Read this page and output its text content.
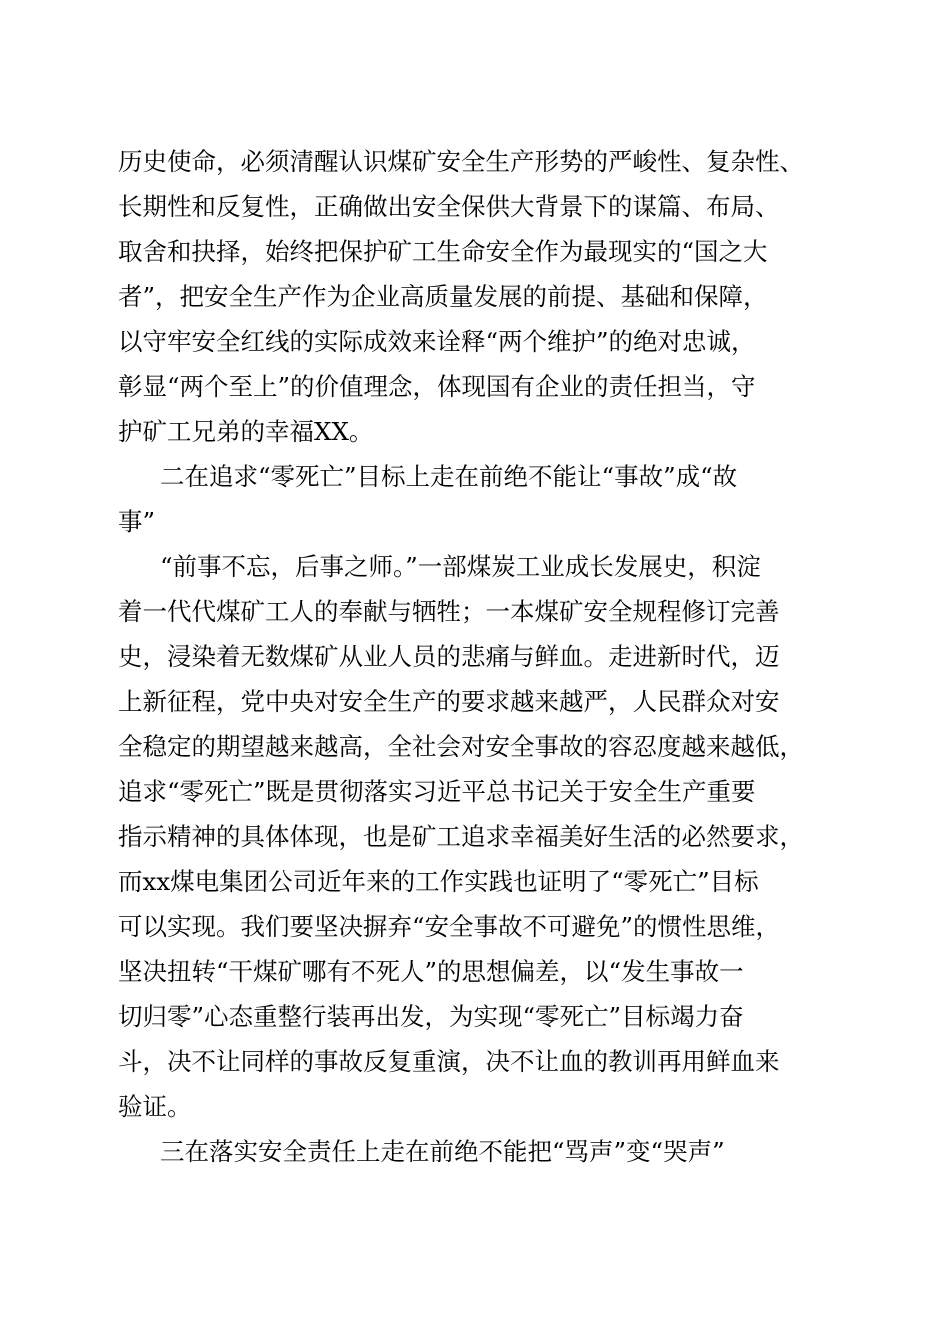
历史使命，必须清醒认识煤矿安全生产形势的严峻性、复杂性、
长期性和反复性，正确做出安全保供大背景下的谋篇、布局、
取舍和抉择，始终把保护矿工生命安全作为最现实的“国之大
者”，把安全生产作为企业高质量发展的前提、基础和保障，
以守牢安全红线的实际成效来诠释“两个维护”的绝对忠诚，
彰显“两个至上”的价值理念，体现国有企业的责任担当，守
护矿工兄弟的幸福XX。
二在追求“零死亡”目标上走在前绝不能让“事故”成“故
事”
“前事不忘，后事之师。”一部煤炭工业成长发展史，积淀
着一代代煤矿工人的奉献与牺牲；一本煤矿安全规程修订完善
史，浸染着无数煤矿从业人员的悲痛与鲜血。走进新时代，迈
上新征程，党中央对安全生产的要求越来越严，人民群众对安
全稳定的期望越来越高，全社会对安全事故的容忍度越来越低，
追求“零死亡”既是贯彻落实习近平总书记关于安全生产重要
指示精神的具体体现，也是矿工追求幸福美好生活的必然要求，
而xx煤电集团公司近年来的工作实践也证明了“零死亡”目标
可以实现。我们要坚决摒弃“安全事故不可避免”的惯性思维，
坚决扭转“干煤矿哪有不死人”的思想偏差，以“发生事故一
切归零”心态重整行装再出发，为实现“零死亡”目标竭力奋
斗，决不让同样的事故反复重演，决不让血的教训再用鲜血来
验证。
三在落实安全责任上走在前绝不能把“骂声”变“哭声”
